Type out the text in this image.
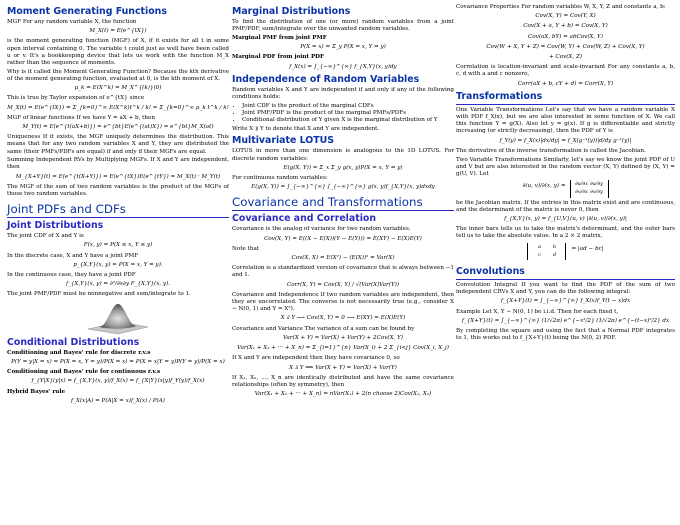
Moment Generating Functions

MGF For any random variable X, the function

M_X(t) = E(e^{tX})

is the moment generating function (MGF) of X, if it exists for all t in some open interval containing 0. The variable t could just as well have been called u or v. It's a bookkeeping device that lets us work with the function M_X rather than the sequence of moments.

Why is it called the Moment Generating Function? Because the kth derivative of the moment generating function, evaluated at 0, is the kth moment of X.

μ_k = E(X^k) = M_X^{(k)}(0)

This is true by Taylor expansion of e^{tX} since

M_X(t) = E(e^{tX}) = Σ_{k=0}^∞ E(X^k)t^k / k! = Σ_{k=0}^∞ μ_k t^k / k!

MGF of linear functions If we have Y = aX + b, then

M_Y(t) = E(e^{t(aX+b)}) = e^{bt}E(e^{(at)X}) = e^{bt}M_X(at)

Uniqueness If it exists, the MGF uniquely determines the distribution. This means that for any two random variables X and Y, they are distributed the same (their PMFs/PDFs are equal) if and only if their MGFs are equal.

Summing Independent RVs by Multiplying MGFs. If X and Y are independent, then

M_{X+Y}(t) = E(e^{t(X+Y)}) = E(e^{tX})E(e^{tY}) = M_X(t) · M_Y(t)

The MGF of the sum of two random variables is the product of the MGFs of those two random variables.

Joint PDFs and CDFs
Joint Distributions

The joint CDF of X and Y is

F(x, y) = P(X ≤ x, Y ≤ y)

In the discrete case, X and Y have a joint PMF

p_{X,Y}(x, y) = P(X = x, Y = y).

In the continuous case, they have a joint PDF

f_{X,Y}(x, y) = ∂²/∂x∂y F_{X,Y}(x, y).

The joint PMF/PDF must be nonnegative and sum/integrate to 1.

Conditional Distributions

Conditioning and Bayes' rule for discrete r.v.s

P(Y = y|X = x) = P(X = x, Y = y)/P(X = x) = P(X = x|Y = y)P(Y = y)/P(X = x)

Conditioning and Bayes' rule for continuous r.v.s

f_{Y|X}(y|x) = f_{X,Y}(x, y)/f_X(x) = f_{X|Y}(x|y)f_Y(y)/f_X(x)

Hybrid Bayes' rule

f_X(x|A) = P(A|X = x)f_X(x) / P(A)
Marginal Distributions

To find the distribution of one (or more) random variables from a joint PMF/PDF, sum/integrate over the unwanted random variables.

Marginal PMF from joint PMF

P(X = x) = Σ_y P(X = x, Y = y)

Marginal PDF from joint PDF

f_X(x) = ∫_{−∞}^{∞} f_{X,Y}(x, y)dy
Independence of Random Variables

Random variables X and Y are independent if and only if any of the following conditions holds:

• Joint CDF is the product of the marginal CDFs
• Joint PMF/PDF is the product of the marginal PMFs/PDFs
• Conditional distribution of Y given X is the marginal distribution of Y

Write X ⫫ Y to denote that X and Y are independent.

Multivariate LOTUS

LOTUS in more than one dimension is analogous to the 1D LOTUS. For discrete random variables:

E(g(X, Y)) = Σ_x Σ_y g(x, y)P(X = x, Y = y)

For continuous random variables:

E(g(X, Y)) = ∫_{−∞}^{∞} ∫_{−∞}^{∞} g(x, y)f_{X,Y}(x, y)dxdy
Covariance and Transformations
Covariance and Correlation

Covariance is the analog of variance for two random variables.

Cov(X, Y) = E((X − E(X))(Y − E(Y))) = E(XY) − E(X)E(Y)

Note that

Cov(X, X) = E(X²) − (E(X))² = Var(X)

Correlation is a standardized version of covariance that is always between −1 and 1.

Corr(X, Y) = Cov(X, Y) / √(Var(X)Var(Y))

Covariance and Independence If two random variables are independent, then they are uncorrelated. The converse is not necessarily true (e.g., consider X ∼ N(0, 1) and Y = X²).

X ⫫ Y ⟶ Cov(X, Y) = 0 ⟶ E(XY) = E(X)E(Y)

Covariance and Variance The variance of a sum can be found by

Var(X + Y) = Var(X) + Var(Y) + 2Cov(X, Y)
Var(X₁ + X₂ + ··· + X_n) = Σ_{i=1}^{n} Var(X_i) + 2 Σ_{i<j} Cov(X_i, X_j)

If X and Y are independent then they have covariance 0, so

X ⫫ Y ⟹ Var(X + Y) = Var(X) + Var(Y)

If X₁, X₂, ..., X_n are identically distributed and have the same covariance relationships (often by symmetry), then

Var(X₁ + X₂ + ··· + X_n) = nVar(X₁) + 2(n choose 2)Cov(X₁, X₂)

Covariance Properties For random variables W, X, Y, Z and constants a, b:

Cov(X, Y) = Cov(Y, X)
Cov(X + a, Y + b) = Cov(X, Y)
Cov(aX, bY) = abCov(X, Y)
Cov(W + X, Y + Z) = Cov(W, Y) + Cov(W, Z) + Cov(X, Y)
+ Cov(X, Z)

Correlation is location-invariant and scale-invariant For any constants a, b, c, d with a and c nonzero,

Corr(aX + b, cY + d) = Corr(X, Y)
Transformations

One Variable Transformations Let's say that we have a random variable X with PDF f_X(x), but we are also interested in some function of X. We call this function Y = g(X). Also let y = g(x). If g is differentiable and strictly increasing (or strictly decreasing), then the PDF of Y is

f_Y(y) = f_X(x)|dx/dy| = f_X(g⁻¹(y))|d/dy g⁻¹(y)|

The derivative of the inverse transformation is called the Jacobian.

Two Variable Transformations Similarly, let's say we know the joint PDF of U and V but are also interested in the random vector (X, Y) defined by (X, Y) = g(U, V). Let

∂(u, v)/∂(x, y) = ∂u/∂x ∂u/∂y
∂v/∂x ∂v/∂y

be the Jacobian matrix. If the entries in this matrix exist and are continuous, and the determinant of the matrix is never 0, then

f_{X,Y}(x, y) = f_{U,V}(u, v) |∂(u, v)/∂(x, y)|

The inner bars tells us to take the matrix's determinant, and the outer bars tell us to take the absolute value. In a 2 × 2 matrix,

a	b
c	d
= |ad − bc|
Convolutions

Convolution Integral If you want to find the PDF of the sum of two independent CRVs X and Y, you can do the following integral:

f_{X+Y}(t) = ∫_{−∞}^{∞} f_X(x)f_Y(t − x)dx

Example Let X, Y ∼ N(0, 1) be i.i.d. Then for each fixed t,

f_{X+Y}(t) = ∫_{−∞}^{∞} (1/√2π) e^{−x²/2} (1/√2π) e^{−(t−x)²/2} dx

By completing the square and using the fact that a Normal PDF integrates to 1, this works out to f_{X+Y}(t) being the N(0, 2) PDF.
